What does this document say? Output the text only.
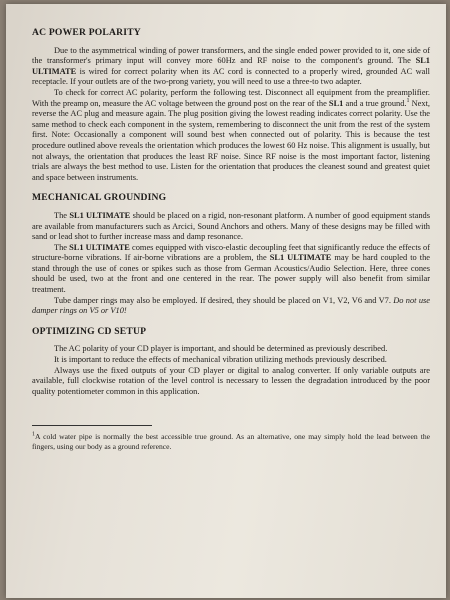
AC POWER POLARITY

Due to the asymmetrical winding of power transformers, and the single ended power provided to it, one side of the transformer's primary input will convey more 60Hz and RF noise to the component's ground. The SL1 ULTIMATE is wired for correct polarity when its AC cord is connected to a properly wired, grounded AC wall receptacle. If your outlets are of the two-prong variety, you will need to use a three-to two adapter.

To check for correct AC polarity, perform the following test. Disconnect all equipment from the preamplifier. With the preamp on, measure the AC voltage between the ground post on the rear of the SL1 and a true ground.$^1$ Next, reverse the AC plug and measure again. The plug position giving the lowest reading indicates correct polarity. Use the same method to check each component in the system, remembering to disconnect the unit from the rest of the system first. Note: Occasionally a component will sound best when connected out of polarity. This is because the test procedure outlined above reveals the orientation which produces the lowest 60 Hz noise. This alignment is usually, but not always, the orientation that produces the least RF noise. Since RF noise is the most important factor, listening trials are always the best method to use. Listen for the orientation that produces the cleanest sound and greatest quiet and space between instruments.

MECHANICAL GROUNDING

The SL1 ULTIMATE should be placed on a rigid, non-resonant platform. A number of good equipment stands are available from manufacturers such as Arcici, Sound Anchors and others. Many of these designs may be filled with sand or lead shot to further increase mass and damp resonance.

The SL1 ULTIMATE comes equipped with visco-elastic decoupling feet that significantly reduce the effects of structure-borne vibrations. If air-borne vibrations are a problem, the SL1 ULTIMATE may be hard coupled to the stand through the use of cones or spikes such as those from German Acoustics/Audio Selection. Here, three cones should be used, two at the front and one centered in the rear. The power supply will also benefit from similar treatment.

Tube damper rings may also be employed. If desired, they should be placed on V1, V2, V6 and V7. Do not use damper rings on V5 or V10!

OPTIMIZING CD SETUP

The AC polarity of your CD player is important, and should be determined as previously described.

It is important to reduce the effects of mechanical vibration utilizing methods previously described.

Always use the fixed outputs of your CD player or digital to analog converter. If only variable outputs are available, full clockwise rotation of the level control is necessary to lessen the degradation introduced by the poor quality potentiometer common in this application.

$^1$A cold water pipe is normally the best accessible true ground. As an alternative, one may simply hold the lead between the fingers, using our body as a ground reference.
